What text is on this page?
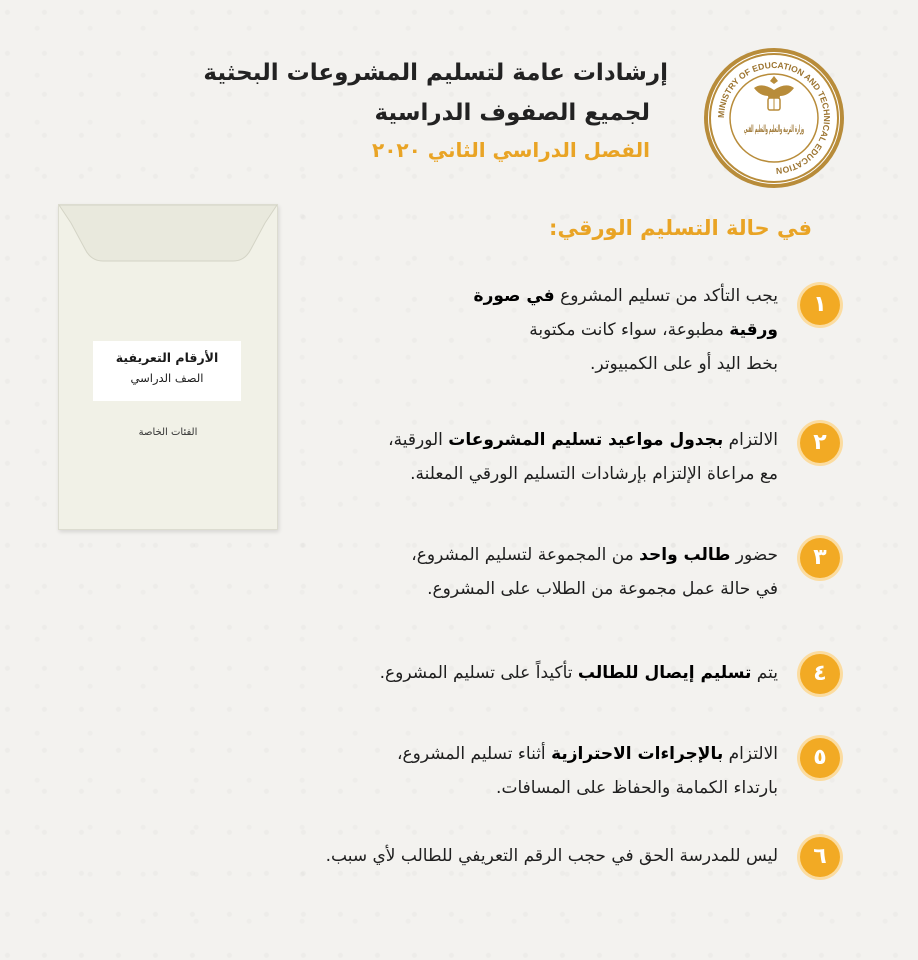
إرشادات عامة لتسليم المشروعات البحثية
لجميع الصفوف الدراسية
الفصل الدراسي الثاني ٢٠٢٠
MINISTRY OF EDUCATION AND TECHNICAL EDUCATION
وزارة التربية والتعليم والتعليم الفني
في حالة التسليم الورقي:
الأرقام التعريفية
الصف الدراسي
الفئات الخاصة
١
يجب التأكد من تسليم المشروع في صورة
ورقية مطبوعة، سواء كانت مكتوبة
بخط اليد أو على الكمبيوتر.
٢
الالتزام بجدول مواعيد تسليم المشروعات الورقية،
مع مراعاة الإلتزام بإرشادات التسليم الورقي المعلنة.
٣
حضور طالب واحد من المجموعة لتسليم المشروع،
في حالة عمل مجموعة من الطلاب على المشروع.
٤
يتم تسليم إيصال للطالب تأكيداً على تسليم المشروع.
٥
الالتزام بالإجراءات الاحترازية أثناء تسليم المشروع،
بارتداء الكمامة والحفاظ على المسافات.
٦
ليس للمدرسة الحق في حجب الرقم التعريفي للطالب لأي سبب.
